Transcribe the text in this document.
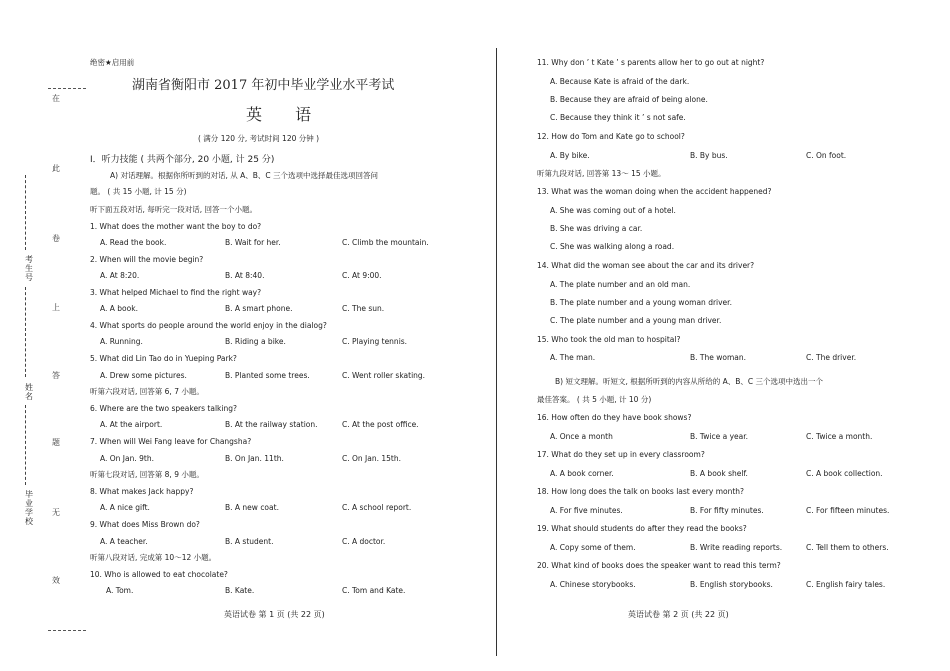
在
此
卷
上
答
题
无
效
考生号
姓名
毕业学校
绝密★启用前
湖南省衡阳市 2017 年初中毕业学业水平考试
英 语
( 满分 120 分, 考试时间 120 分钟 )
I．听力技能 ( 共两个部分, 20 小题, 计 25 分)
A) 对话理解。根据你所听到的对话, 从 A、B、C 三个选项中选择最佳选项回答问
题。 ( 共 15 小题, 计 15 分)
听下面五段对话, 每听完一段对话, 回答一个小题。
1. What does the mother want the boy to do?
A. Read the book.	B. Wait for her.	C. Climb the mountain.
2. When will the movie begin?
A. At 8:20.	B. At 8:40.	C. At 9:00.
3. What helped Michael to find the right way?
A. A book.	B. A smart phone.	C. The sun.
4. What sports do people around the world enjoy in the dialog?
A. Running.	B. Riding a bike.	C. Playing tennis.
5. What did Lin Tao do in Yueping Park?
A. Drew some pictures.	B. Planted some trees.	C. Went roller skating.
听第六段对话, 回答第 6, 7 小题。
6. Where are the two speakers talking?
A. At the airport.	B. At the railway station.	C. At the post office.
7. When will Wei Fang leave for Changsha?
A. On Jan. 9th.	B. On Jan. 11th.	C. On Jan. 15th.
听第七段对话, 回答第 8, 9 小题。
8. What makes Jack happy?
A. A nice gift.	B. A new coat.	C. A school report.
9. What does Miss Brown do?
A. A teacher.	B. A student.	C. A doctor.
听第八段对话, 完成第 10～12 小题。
10. Who is allowed to eat chocolate?
A. Tom.	B. Kate.	C. Tom and Kate.
英语试卷 第 1 页 (共 22 页)
11. Why don ’ t Kate ’ s parents allow her to go out at night?
A. Because Kate is afraid of the dark.
B. Because they are afraid of being alone.
C. Because they think it ’ s not safe.
12. How do Tom and Kate go to school?
A. By bike.	B. By bus.	C. On foot.
听第九段对话, 回答第 13～ 15 小题。
13. What was the woman doing when the accident happened?
A. She was coming out of a hotel.
B. She was driving a car.
C. She was walking along a road.
14. What did the woman see about the car and its driver?
A. The plate number and an old man.
B. The plate number and a young woman driver.
C. The plate number and a young man driver.
15. Who took the old man to hospital?
A. The man.	B. The woman.	C. The driver.
B) 短文理解。听短文, 根据所听到的内容从所给的 A、B、C 三个选项中选出一个
最佳答案。 ( 共 5 小题, 计 10 分)
16. How often do they have book shows?
A. Once a month	B. Twice a year.	C. Twice a month.
17. What do they set up in every classroom?
A. A book corner.	B. A book shelf.	C. A book collection.
18. How long does the talk on books last every month?
A. For five minutes.	B. For fifty minutes.	C. For fifteen minutes.
19. What should students do after they read the books?
A. Copy some of them.	B. Write reading reports.	C. Tell them to others.
20. What kind of books does the speaker want to read this term?
A. Chinese storybooks.	B. English storybooks.	C. English fairy tales.
英语试卷 第 2 页 (共 22 页)
